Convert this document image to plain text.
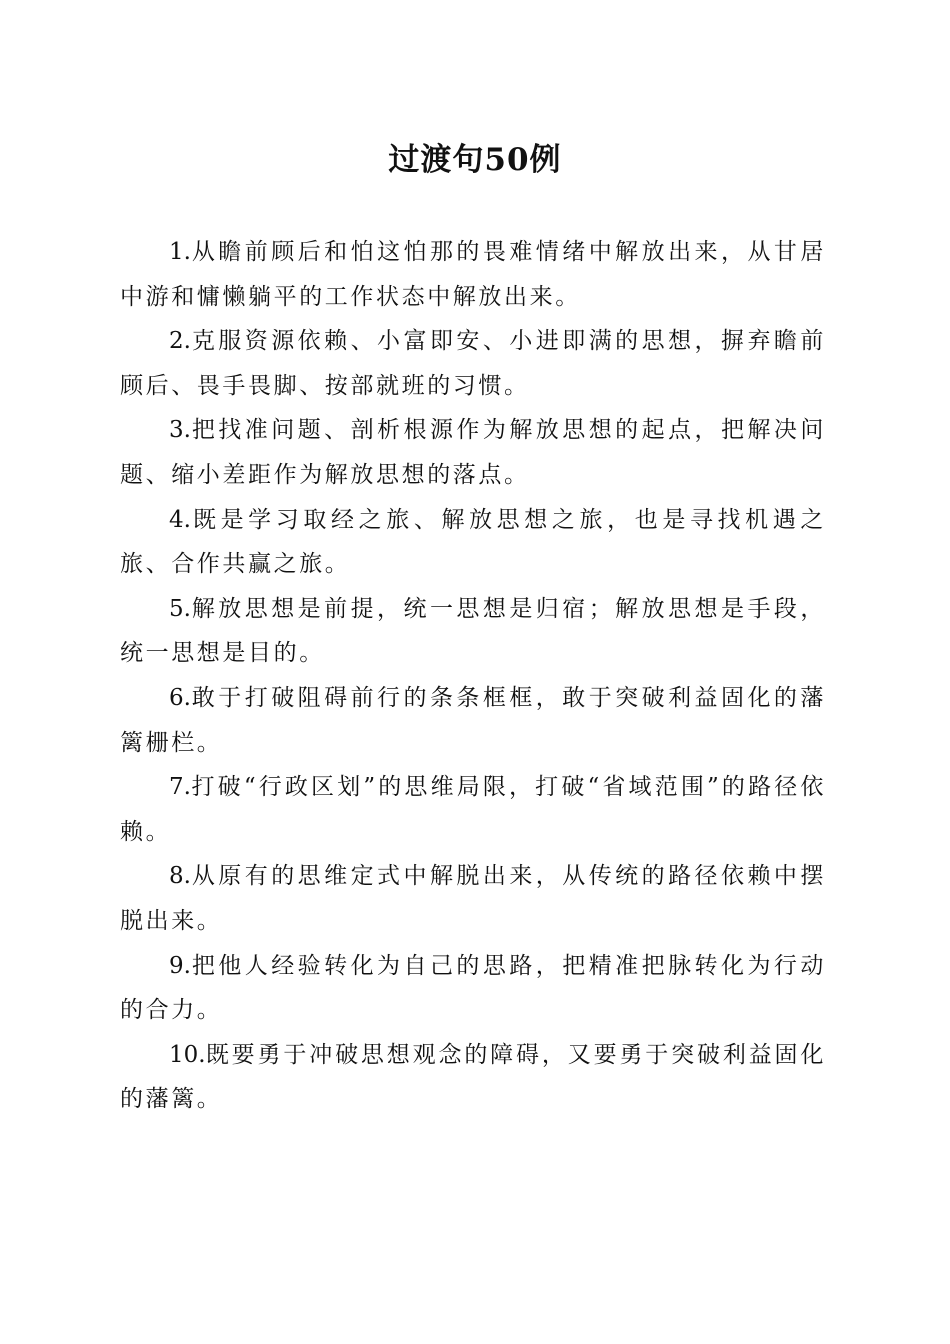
过渡句50例

1.从瞻前顾后和怕这怕那的畏难情绪中解放出来，从甘居中游和慵懒躺平的工作状态中解放出来。

2.克服资源依赖、小富即安、小进即满的思想，摒弃瞻前顾后、畏手畏脚、按部就班的习惯。

3.把找准问题、剖析根源作为解放思想的起点，把解决问题、缩小差距作为解放思想的落点。

4.既是学习取经之旅、解放思想之旅，也是寻找机遇之旅、合作共赢之旅。

5.解放思想是前提，统一思想是归宿；解放思想是手段，统一思想是目的。

6.敢于打破阻碍前行的条条框框，敢于突破利益固化的藩篱栅栏。

7.打破“行政区划”的思维局限，打破“省域范围”的路径依赖。

8.从原有的思维定式中解脱出来，从传统的路径依赖中摆脱出来。

9.把他人经验转化为自己的思路，把精准把脉转化为行动的合力。

10.既要勇于冲破思想观念的障碍，又要勇于突破利益固化的藩篱。
